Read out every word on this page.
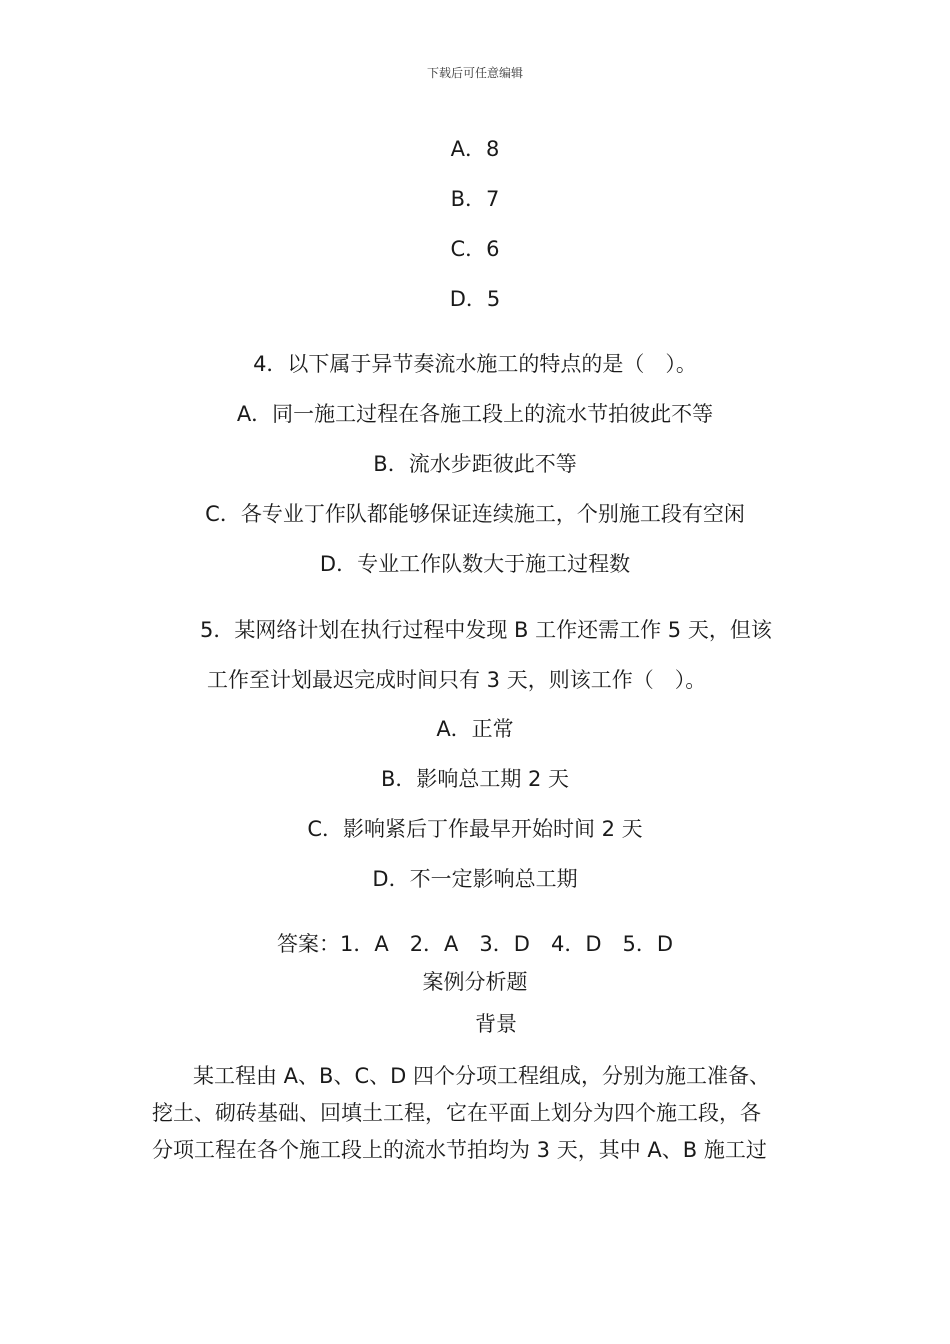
下载后可任意编辑
A．8
B．7
C．6
D．5
4．以下属于异节奏流水施工的特点的是（　）。
A．同一施工过程在各施工段上的流水节拍彼此不等
B．流水步距彼此不等
C．各专业丁作队都能够保证连续施工，个别施工段有空闲
D．专业工作队数大于施工过程数
5．某网络计划在执行过程中发现 B 工作还需工作 5 天，但该
工作至计划最迟完成时间只有 3 天，则该工作（　）。
A．正常
B．影响总工期 2 天
C．影响紧后丁作最早开始时间 2 天
D．不一定影响总工期
答案：1．A　2．A　3．D　4．D　5．D
案例分析题
背景
某工程由 A、B、C、D 四个分项工程组成，分别为施工准备、
挖土、砌砖基础、回填土工程，它在平面上划分为四个施工段，各
分项工程在各个施工段上的流水节拍均为 3 天，其中 A、B 施工过
